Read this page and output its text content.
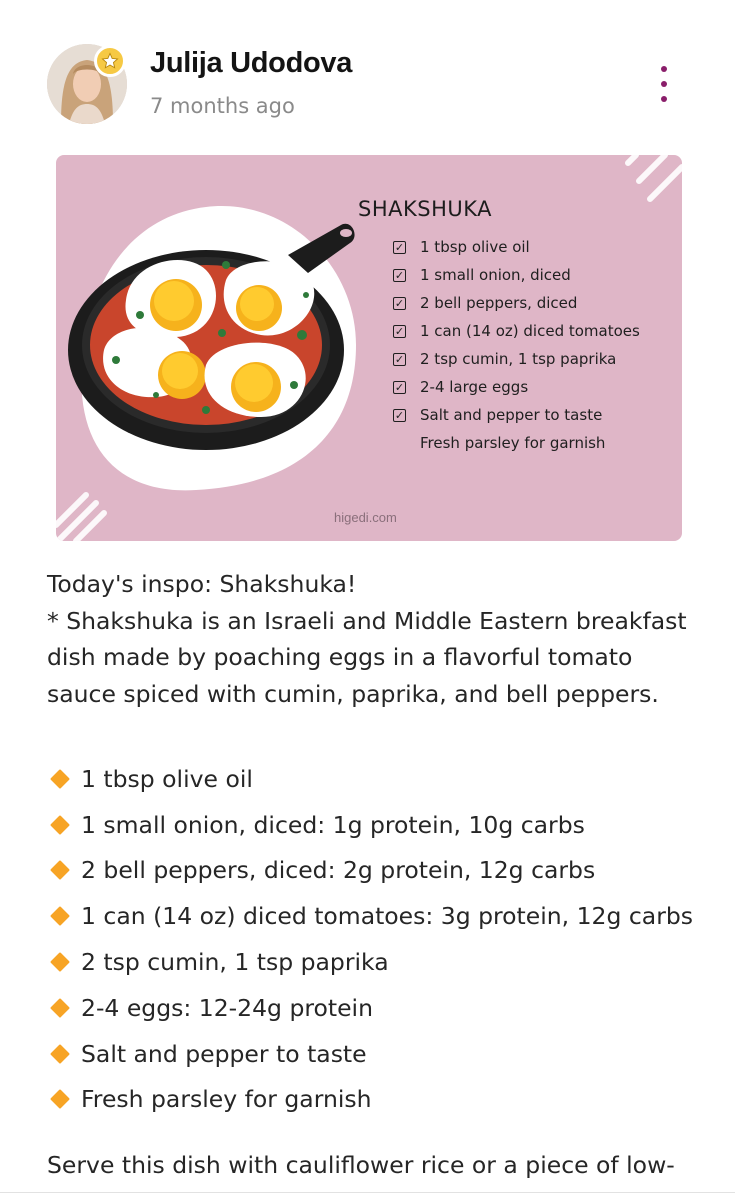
Julija Udodova
7 months ago
SHAKSHUKA
✓ 1 tbsp olive oil
✓ 1 small onion, diced
✓ 2 bell peppers, diced
✓ 1 can (14 oz) diced tomatoes
✓ 2 tsp cumin, 1 tsp paprika
✓ 2-4 large eggs
✓ Salt and pepper to taste
Fresh parsley for garnish
higedi.com

Today's inspo: Shakshuka!

* Shakshuka is an Israeli and Middle Eastern breakfast dish made by poaching eggs in a flavorful tomato sauce spiced with cumin, paprika, and bell peppers.

1 tbsp olive oil
1 small onion, diced: 1g protein, 10g carbs
2 bell peppers, diced: 2g protein, 12g carbs
1 can (14 oz) diced tomatoes: 3g protein, 12g carbs
2 tsp cumin, 1 tsp paprika
2-4 eggs: 12-24g protein
Salt and pepper to taste
Fresh parsley for garnish
Serve this dish with cauliflower rice or a piece of low-
